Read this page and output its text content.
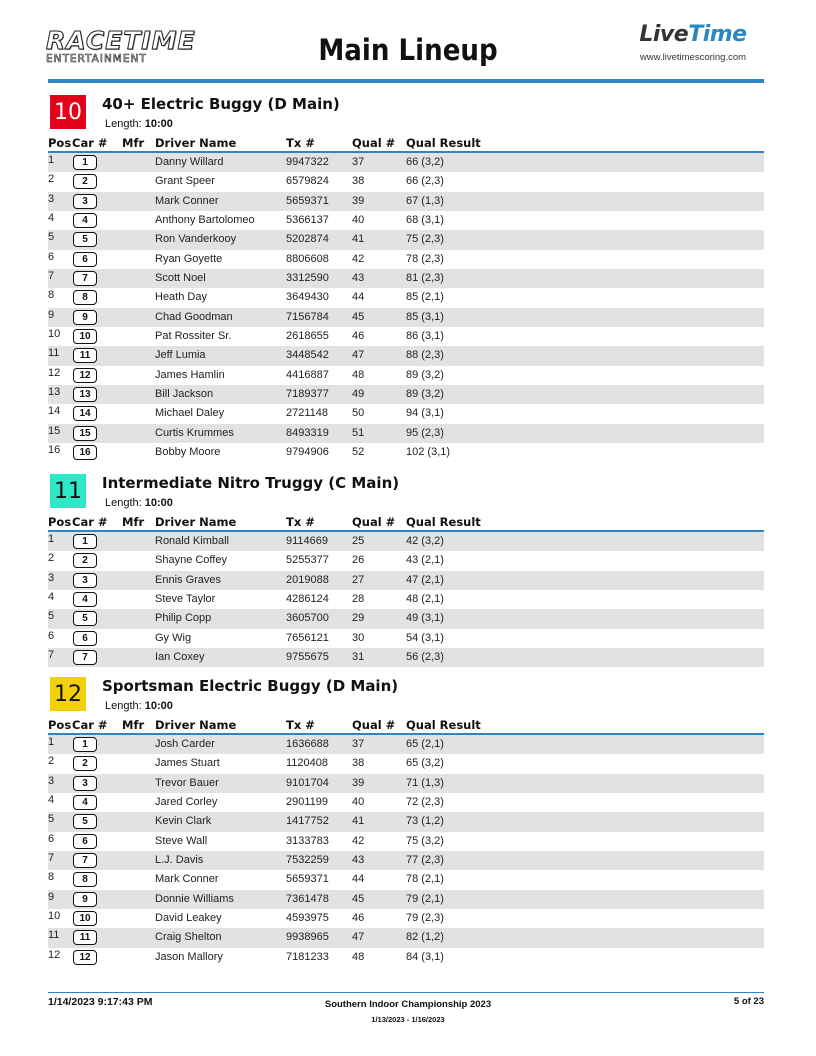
RACETIME
ENTERTAINMENT	Main Lineup	LiveTime
www.livetimescoring.com
10 40+ Electric Buggy (D Main)
Length: 10:00
Pos Car # Mfr Driver Name	Tx #	Qual # Qual Result
1	1	Danny Willard	9947322 37	66 (3,2)
2	2	Grant Speer	6579824 38	66 (2,3)
3	3	Mark Conner	5659371 39	67 (1,3)
4	4	Anthony Bartolomeo	5366137 40	68 (3,1)
5	5	Ron Vanderkooy	5202874 41	75 (2,3)
6	6	Ryan Goyette	8806608 42	78 (2,3)
7	7	Scott Noel	3312590 43	81 (2,3)
8	8	Heath Day	3649430 44	85 (2,1)
9	9	Chad Goodman	7156784 45	85 (3,1)
10	10	Pat Rossiter Sr.	2618655 46	86 (3,1)
11	11	Jeff Lumia	3448542 47	88 (2,3)
12	12	James Hamlin	4416887 48	89 (3,2)
13	13	Bill Jackson	7189377 49	89 (3,2)
14	14	Michael Daley	2721148 50	94 (3,1)
15	15	Curtis Krummes	8493319 51	95 (2,3)
16	16	Bobby Moore	9794906 52	102 (3,1)
11 Intermediate Nitro Truggy (C Main)
Length: 10:00
Pos Car # Mfr Driver Name	Tx #	Qual # Qual Result
1	1	Ronald Kimball	9114669 25	42 (3,2)
2	2	Shayne Coffey	5255377 26	43 (2,1)
3	3	Ennis Graves	2019088 27	47 (2,1)
4	4	Steve Taylor	4286124 28	48 (2,1)
5	5	Philip Copp	3605700 29	49 (3,1)
6	6	Gy Wig	7656121 30	54 (3,1)
7	7	Ian Coxey	9755675 31	56 (2,3)
12 Sportsman Electric Buggy (D Main)
Length: 10:00
Pos Car # Mfr Driver Name	Tx #	Qual # Qual Result
1	1	Josh Carder	1636688 37	65 (2,1)
2	2	James Stuart	1120408 38	65 (3,2)
3	3	Trevor Bauer	9101704 39	71 (1,3)
4	4	Jared Corley	2901199 40	72 (2,3)
5	5	Kevin Clark	1417752 41	73 (1,2)
6	6	Steve Wall	3133783 42	75 (3,2)
7	7	L.J. Davis	7532259 43	77 (2,3)
8	8	Mark Conner	5659371 44	78 (2,1)
9	9	Donnie Williams	7361478 45	79 (2,1)
10	10	David Leakey	4593975 46	79 (2,3)
11	11	Craig Shelton	9938965 47	82 (1,2)
12	12	Jason Mallory	7181233 48	84 (3,1)
1/14/2023 9:17:43 PM	Southern Indoor Championship 2023
1/13/2023 - 1/16/2023
5 of 23
